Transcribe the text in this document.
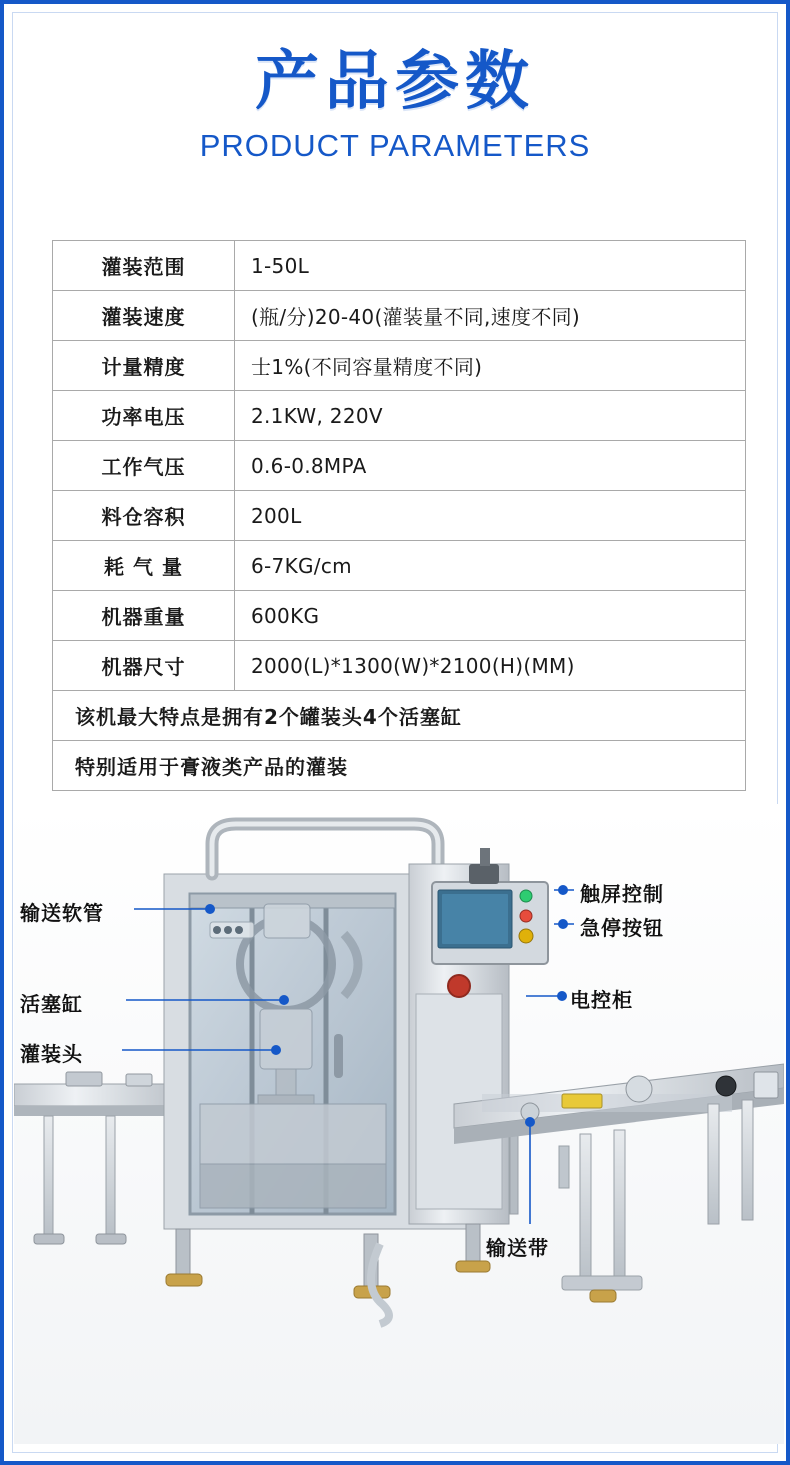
产品参数
PRODUCT PARAMETERS
灌装范围	1-50L
灌装速度	(瓶/分)20-40(灌装量不同,速度不同)
计量精度	士1%(不同容量精度不同)
功率电压	2.1KW, 220V
工作气压	0.6-0.8MPA
料仓容积	200L
耗 气 量	6-7KG/cm
机器重量	600KG
机器尺寸	2000(L)*1300(W)*2100(H)(MM)
该机最大特点是拥有2个罐装头4个活塞缸	
特别适用于膏液类产品的灌装	
输送软管
活塞缸
灌装头
触屏控制
急停按钮
电控柜
输送带
